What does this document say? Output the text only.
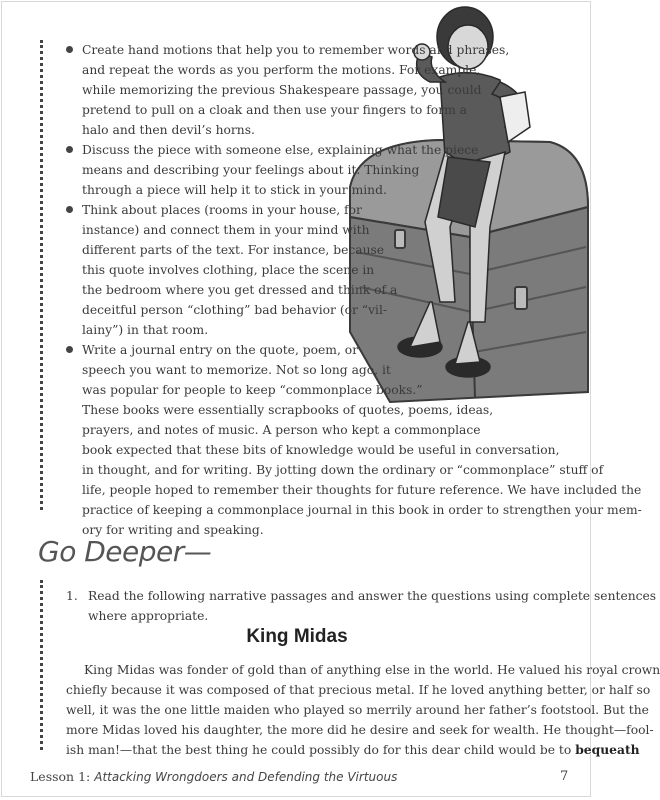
Create hand motions that help you to remember words and phrases,
and repeat the words as you perform the motions. For example,
while memorizing the previous Shakespeare passage, you could
pretend to pull on a cloak and then use your fingers to form a
halo and then devil’s horns.
Discuss the piece with someone else, explaining what the piece
means and describing your feelings about it. Thinking
through a piece will help it to stick in your mind.
Think about places (rooms in your house, for
instance) and connect them in your mind with
different parts of the text. For instance, because
this quote involves clothing, place the scene in
the bedroom where you get dressed and think of a
deceitful person “clothing” bad behavior (or “vil-
lainy”) in that room.
Write a journal entry on the quote, poem, or
speech you want to memorize. Not so long ago, it
was popular for people to keep “commonplace books.”
These books were essentially scrapbooks of quotes, poems, ideas,
prayers, and notes of music. A person who kept a commonplace
book expected that these bits of knowledge would be useful in conversation,
in thought, and for writing. By jotting down the ordinary or “commonplace” stuff of
life, people hoped to remember their thoughts for future reference. We have included the
practice of keeping a commonplace journal in this book in order to strengthen your mem-
ory for writing and speaking.
Go Deeper—
1. Read the following narrative passages and answer the questions using complete sentences
where appropriate.
King Midas
King Midas was fonder of gold than of anything else in the world. He valued his royal crown
chiefly because it was composed of that precious metal. If he loved anything better, or half so
well, it was the one little maiden who played so merrily around her father’s footstool. But the
more Midas loved his daughter, the more did he desire and seek for wealth. He thought—fool-
ish man!—that the best thing he could possibly do for this dear child would be to bequeath
Lesson 1: Attacking Wrongdoers and Defending the Virtuous	7
